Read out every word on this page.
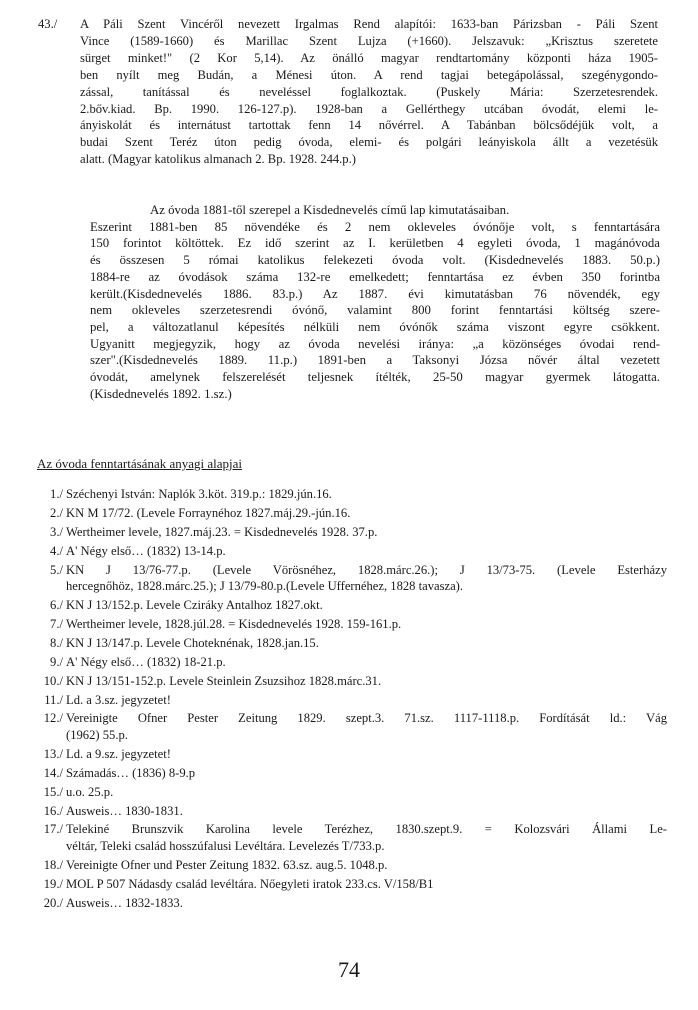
43./ A Páli Szent Vincéről nevezett Irgalmas Rend alapítói: 1633-ban Párizsban - Páli Szent
Vince (1589-1660) és Marillac Szent Lujza (+1660). Jelszavuk: „Krisztus szeretete
sürget minket!" (2 Kor 5,14). Az önálló magyar rendtartomány központi háza 1905-
ben nyílt meg Budán, a Ménesi úton. A rend tagjai betegápolással, szegénygondo-
zással, tanítással és neveléssel foglalkoztak. (Puskely Mária: Szerzetesrendek.
2.bőv.kiad. Bp. 1990. 126-127.p). 1928-ban a Gellérthegy utcában óvodát, elemi le-
ányiskolát és internátust tartottak fenn 14 nővérrel. A Tabánban bölcsődéjük volt, a
budai Szent Teréz úton pedig óvoda, elemi- és polgári leányiskola állt a vezetésük
alatt. (Magyar katolikus almanach 2. Bp. 1928. 244.p.)
Az óvoda 1881-től szerepel a Kisdednevelés című lap kimutatásaiban.
Eszerint 1881-ben 85 növendéke és 2 nem okleveles óvónője volt, s fenntartására
150 forintot költöttek. Ez idő szerint az I. kerületben 4 egyleti óvoda, 1 magánóvoda
és összesen 5 római katolikus felekezeti óvoda volt. (Kisdednevelés 1883. 50.p.)
1884-re az óvodások száma 132-re emelkedett; fenntartása ez évben 350 forintba
került.(Kisdednevelés 1886. 83.p.) Az 1887. évi kimutatásban 76 növendék, egy
nem okleveles szerzetesrendi óvónő, valamint 800 forint fenntartási költség szere-
pel, a változatlanul képesítés nélküli nem óvónők száma viszont egyre csökkent.
Ugyanitt megjegyzik, hogy az óvoda nevelési iránya: „a közönséges óvodai rend-
szer".(Kisdednevelés 1889. 11.p.) 1891-ben a Taksonyi Józsa nővér által vezetett
óvodát, amelynek felszerelését teljesnek ítélték, 25-50 magyar gyermek látogatta.
(Kisdednevelés 1892. 1.sz.)
Az óvoda fenntartásának anyagi alapjai
1./ Széchenyi István: Naplók 3.köt. 319.p.: 1829.jún.16.
2./ KN M 17/72. (Levele Forraynéhoz 1827.máj.29.-jún.16.
3./ Wertheimer levele, 1827.máj.23. = Kisdednevelés 1928. 37.p.
4./ A' Négy első… (1832) 13-14.p.
5./ KN J 13/76-77.p. (Levele Vörösnéhez, 1828.márc.26.); J 13/73-75. (Levele Esterházy
hercegnőhöz, 1828.márc.25.); J 13/79-80.p.(Levele Uffernéhez, 1828 tavasza).
6./ KN J 13/152.p. Levele Cziráky Antalhoz 1827.okt.
7./ Wertheimer levele, 1828.júl.28. = Kisdednevelés 1928. 159-161.p.
8./ KN J 13/147.p. Levele Choteknénak, 1828.jan.15.
9./ A' Négy első… (1832) 18-21.p.
10./ KN J 13/151-152.p. Levele Steinlein Zsuzsihoz 1828.márc.31.
11./ Ld. a 3.sz. jegyzetet!
12./ Vereinigte Ofner Pester Zeitung 1829. szept.3. 71.sz. 1117-1118.p. Fordítását ld.: Vág
(1962) 55.p.
13./ Ld. a 9.sz. jegyzetet!
14./ Számadás… (1836) 8-9.p
15./ u.o. 25.p.
16./ Ausweis… 1830-1831.
17./ Telekiné Brunszvik Karolina levele Terézhez, 1830.szept.9. = Kolozsvári Állami Le-
véltár, Teleki család hosszúfalusi Levéltára. Levelezés T/733.p.
18./ Vereinigte Ofner und Pester Zeitung 1832. 63.sz. aug.5. 1048.p.
19./ MOL P 507 Nádasdy család levéltára. Nőegyleti iratok 233.cs. V/158/B1
20./ Ausweis… 1832-1833.
74
